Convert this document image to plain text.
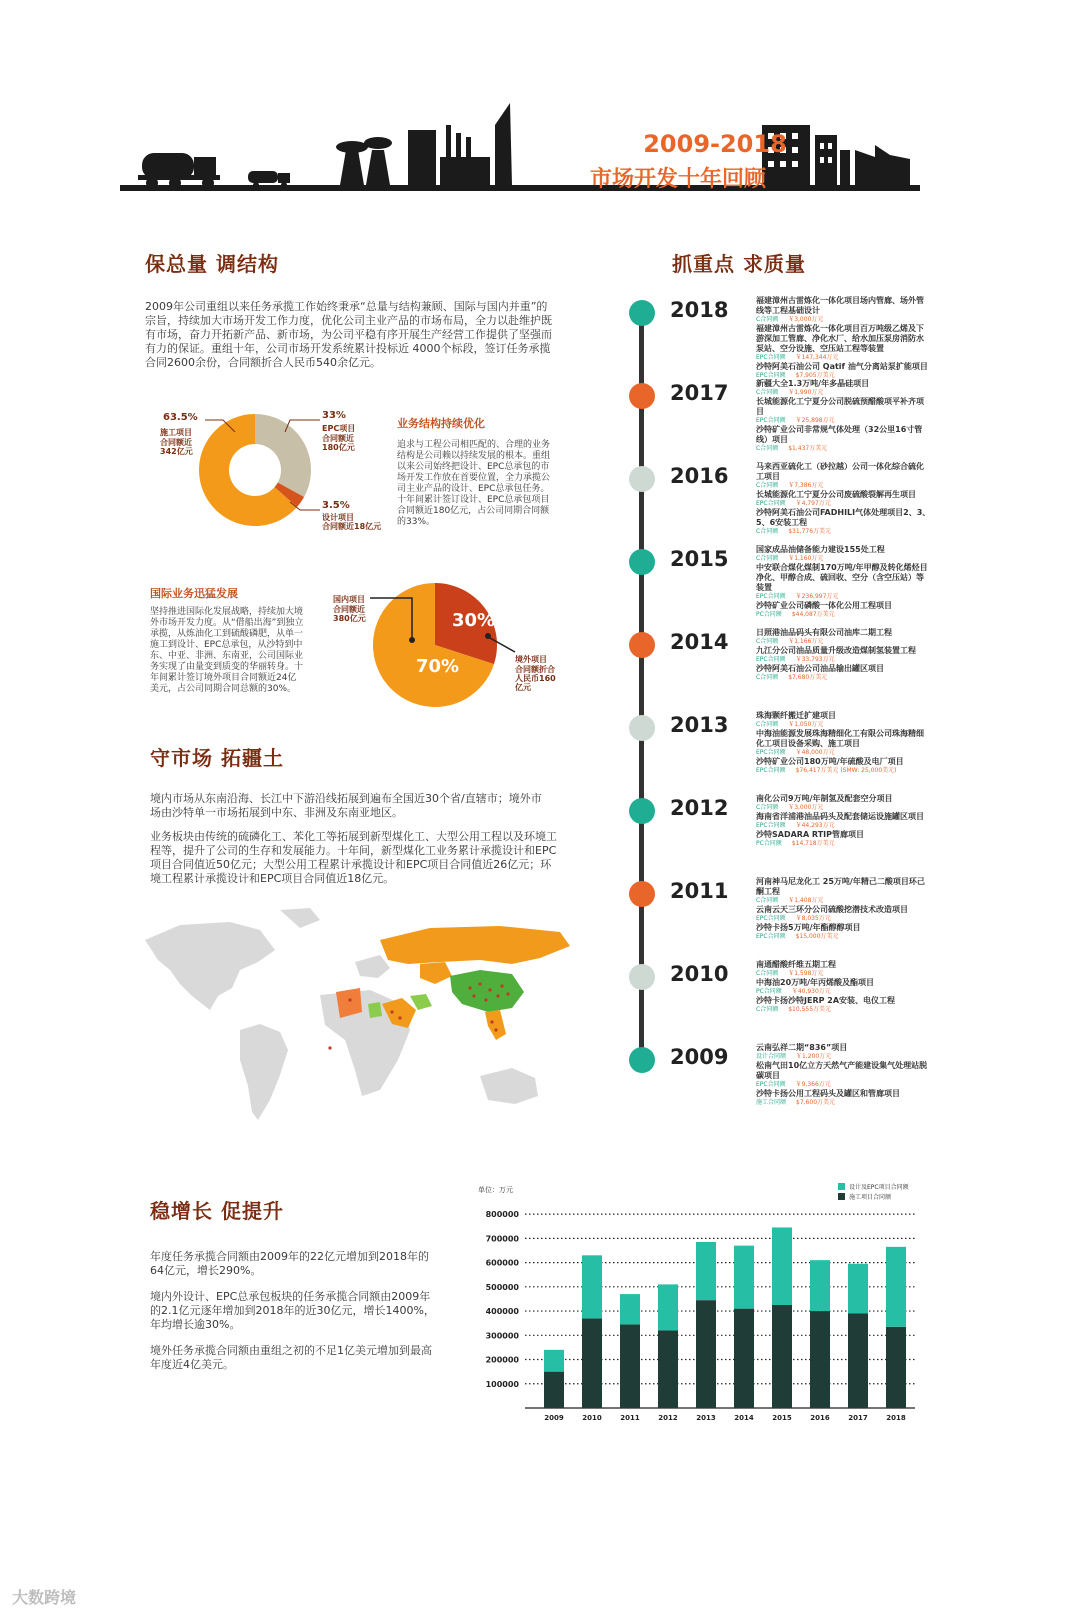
2009-2018
市场开发十年回顾
保总量 调结构
2009年公司重组以来任务承揽工作始终秉承“总量与结构兼顾、国际与国内并重”的宗旨，持续加大市场开发工作力度，优化公司主业产品的市场布局，全力以赴维护既有市场，奋力开拓新产品、新市场，为公司平稳有序开展生产经营工作提供了坚强而有力的保证。重组十年，公司市场开发系统累计投标近 4000个标段，签订任务承揽合同2600余份，合同额折合人民币540余亿元。
63.5%
施工项目
合同额近342亿元
33%
EPC项目
合同额近180亿元
3.5%
设计项目
合同额近18亿元
业务结构持续优化
追求与工程公司相匹配的、合理的业务结构是公司赖以持续发展的根本。重组以来公司始终把设计、EPC总承包的市场开发工作放在首要位置，全力承揽公司主业产品的设计、EPC总承包任务。十年间累计签订设计、EPC总承包项目合同额近180亿元，占公司同期合同额的33%。
国际业务迅猛发展
坚持推进国际化发展战略，持续加大境外市场开发力度。从“借船出海”到独立承揽，从炼油化工到硫酸磷肥，从单一施工到设计、EPC总承包，从沙特到中东、中亚、非洲、东南亚，公司国际业务实现了由量变到质变的华丽转身。十年间累计签订境外项目合同额近24亿美元，占公司同期合同总额的30%。
70%
30%
国内项目
合同额近380亿元
境外项目
合同额折合人民币160亿元
守市场 拓疆土
境内市场从东南沿海、长江中下游沿线拓展到遍布全国近30个省/直辖市；境外市场由沙特单一市场拓展到中东、非洲及东南亚地区。
业务板块由传统的硫磷化工、苯化工等拓展到新型煤化工、大型公用工程以及环境工程等，提升了公司的生存和发展能力。十年间，新型煤化工业务累计承揽设计和EPC项目合同值近50亿元；大型公用工程累计承揽设计和EPC项目合同值近26亿元；环境工程累计承揽设计和EPC项目合同值近18亿元。
抓重点 求质量
2018	福建漳州古雷炼化一体化项目场内管廊、场外管线等工程基础设计
C合同额 ￥3,000万元
福建漳州古雷炼化一体化项目百万吨级乙烯及下游深加工管廊、净化水厂、给水加压泵房消防水泵站、空分设施、空压站工程等装置
EPC合同额 ￥147,344万元
沙特阿美石油公司 Qatif 油气分离站泵扩能项目
EPC合同额 $7,905万美元
2017	新疆大全1.3万吨/年多晶硅项目
C合同额 ￥1,990万元
长城能源化工宁夏分公司脱硫预醋酸项平补齐项目
EPC合同额 ￥25,898万元
沙特矿业公司非常规气体处理（32公里16寸管线）项目
C合同额 $1,437万美元
2016	马来西亚硫化工（砂拉越）公司一体化综合硫化工项目
C合同额 ￥7,386万元
长城能源化工宁夏分公司废硫酸裂解再生项目
EPC合同额 ￥4,797万元
沙特阿美石油公司FADHILI气体处理项目2、3、5、6安装工程
C合同额 $31,776万美元
2015	国家成品油储备能力建设155处工程
C合同额 ￥1,160万元
中安联合煤化煤制170万吨/年甲醇及转化烯烃目净化、甲醇合成、硫回收、空分（含空压站）等装置
EPC合同额 ￥236,997万元
沙特矿业公司磷酸一体化公用工程项目
PC合同额 $44,087万美元
2014	日照港油品码头有限公司油库二期工程
C合同额 ￥1,166万元
九江分公司油品质量升级改造煤制氢装置工程
EPC合同额 ￥33,793万元
沙特阿美石油公司油品输出罐区项目
C合同额 $7,680万美元
2013	珠海颗纤搬迁扩建项目
C合同额 ￥1,050万元
中海油能源发展珠海精细化工有限公司珠海精细化工项目设备采购、施工项目
EPC合同额 ￥48,000万元
沙特矿业公司180万吨/年硫酸及电厂项目
EPC合同额 $76,417万美元 (SMW: 25,000美元)
2012	南化公司9万吨/年制氢及配套空分项目
C合同额 ￥3,000万元
海南省洋浦港油品码头及配套储运设施罐区项目
EPC合同额 ￥44,293万元
沙特SADARA RTIP管廊项目
PC合同额 $14,718万美元
2011	河南神马尼龙化工 25万吨/年精己二酸项目环己酮工程
C合同额 ￥1,408万元
云南云天三环分公司硫酸挖潜技术改造项目
EPC合同额 ￥8,035万元
沙特卡扬5万吨/年酯醇醇项目
EPC合同额 $15,000万美元
2010	南通醋酸纤维五期工程
C合同额 ￥1,598万元
中海油20万吨/年丙烯酸及酯项目
PC合同额 ￥40,930万元
沙特卡扬沙特JERP 2A安装、电仪工程
C合同额 $10,555万美元
2009	云南弘祥二期“836”项目
设计合同额 ￥1,200万元
松南气田10亿立方天然气产能建设集气处理站脱碳项目
EPC合同额 ￥9,366万元
沙特卡扬公用工程码头及罐区和管廊项目
施工合同额 $7,600万美元
稳增长 促提升
年度任务承揽合同额由2009年的22亿元增加到2018年的64亿元，增长290%。
境内外设计、EPC总承包板块的任务承揽合同额由2009年的2.1亿元逐年增加到2018年的近30亿元，增长1400%，年均增长逾30%。
境外任务承揽合同额由重组之初的不足1亿美元增加到最高年度近4亿美元。
单位：万元	设计及EPC项目合同额
施工项目合同额
100000
200000
300000
400000
500000
600000
700000
800000
2009	2010	2011	2012	2013	2014	2015	2016	2017	2018
大数跨境
